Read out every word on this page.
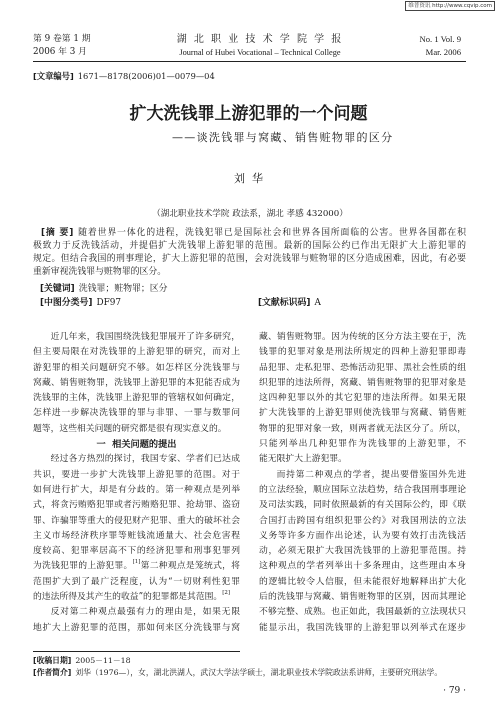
维普资讯 http://www.cqvip.com
第 9 卷第 1 期
2006 年 3 月
湖 北 职 业 技 术 学 院 学 报
Journal of Hubei Vocational – Technical College
No. 1 Vol. 9
Mar. 2006
[文章编号] 1671—8178(2006)01—0079—04
扩大洗钱罪上游犯罪的一个问题
——谈洗钱罪与窝藏、销售赃物罪的区分
刘  华
（湖北职业技术学院 政法系，湖北 孝感 432000）
[摘 要] 随着世界一体化的进程，洗钱犯罪已是国际社会和世界各国所面临的公害。世界各国都在积
极致力于反洗钱活动，并提倡扩大洗钱罪上游犯罪的范围。最新的国际公约已作出无限扩大上游犯罪的
规定。但结合我国的刑事理论，扩大上游犯罪的范围，会对洗钱罪与赃物罪的区分造成困难，因此，有必要
重新审视洗钱罪与赃物罪的区分。
[关键词] 洗钱罪；赃物罪；区分
[中图分类号] DF97	[文献标识码] A
近几年来，我国围绕洗钱犯罪展开了许多研究，
但主要局限在对洗钱罪的上游犯罪的研究，而对上
游犯罪的相关问题研究不够。如怎样区分洗钱罪与
窝藏、销售赃物罪，洗钱罪上游犯罪的本犯能否成为
洗钱罪的主体，洗钱罪上游犯罪的管辖权如何确定，
怎样进一步解决洗钱罪的罪与非罪、一罪与数罪问
题等，这些相关问题的研究都是很有现实意义的。
一  相关问题的提出
经过各方热烈的探讨，我国专家、学者们已达成
共识，要进一步扩大洗钱罪上游犯罪的范围。对于
如何进行扩大，却是有分歧的。第一种观点是列举
式，将贪污贿赂犯罪或者污贿赂犯罪、抢劫罪、盗窃
罪、诈骗罪等重大的侵犯财产犯罪、重大的破坏社会
主义市场经济秩序罪等赃钱流通量大、社会危害程
度较高、犯罪率居高不下的经济犯罪和刑事犯罪列
为洗钱犯罪的上游犯罪。[1]第二种观点是笼统式，将
范围扩大到了最广泛程度，认为“一切财利性犯罪
的违法所得及其产生的收益”的犯罪都是其范围。[2]
反对第二种观点最强有力的理由是，如果无限
地扩大上游犯罪的范围，那如何来区分洗钱罪与窝
藏、销售赃物罪。因为传统的区分方法主要在于，洗
钱罪的犯罪对象是刑法所规定的四种上游犯罪即毒
品犯罪、走私犯罪、恐怖活动犯罪、黑社会性质的组
织犯罪的违法所得，窝藏、销售赃物罪的犯罪对象是
这四种犯罪以外的其它犯罪的违法所得。如果无限
扩大洗钱罪的上游犯罪则使洗钱罪与窝藏、销售赃
物罪的犯罪对象一致，则两者就无法区分了。所以，
只能列举出几种犯罪作为洗钱罪的上游犯罪，不
能无限扩大上游犯罪。
而持第二种观点的学者，提出要借鉴国外先进
的立法经验，顺应国际立法趋势，结合我国刑事理论
及司法实践，同时依照最新的有关国际公约，即《联
合国打击跨国有组织犯罪公约》对我国刑法的立法
义务等许多方面作出论述，认为要有效打击洗钱活
动，必须无限扩大我国洗钱罪的上游犯罪范围。持
这种观点的学者列举出十多条理由，这些理由本身
的逻辑比较令人信服，但未能很好地解释出扩大化
后的洗钱罪与窝藏、销售赃物罪的区别，因而其理论
不够完整、成熟。也正如此，我国最新的立法现状只
能显示出，我国洗钱罪的上游犯罪以列举式在逐步
[收稿日期] 2005－11－18
[作者简介] 刘华（1976—），女，湖北洪湖人，武汉大学法学硕士，湖北职业技术学院政法系讲师，主要研究刑法学。
· 79 ·
